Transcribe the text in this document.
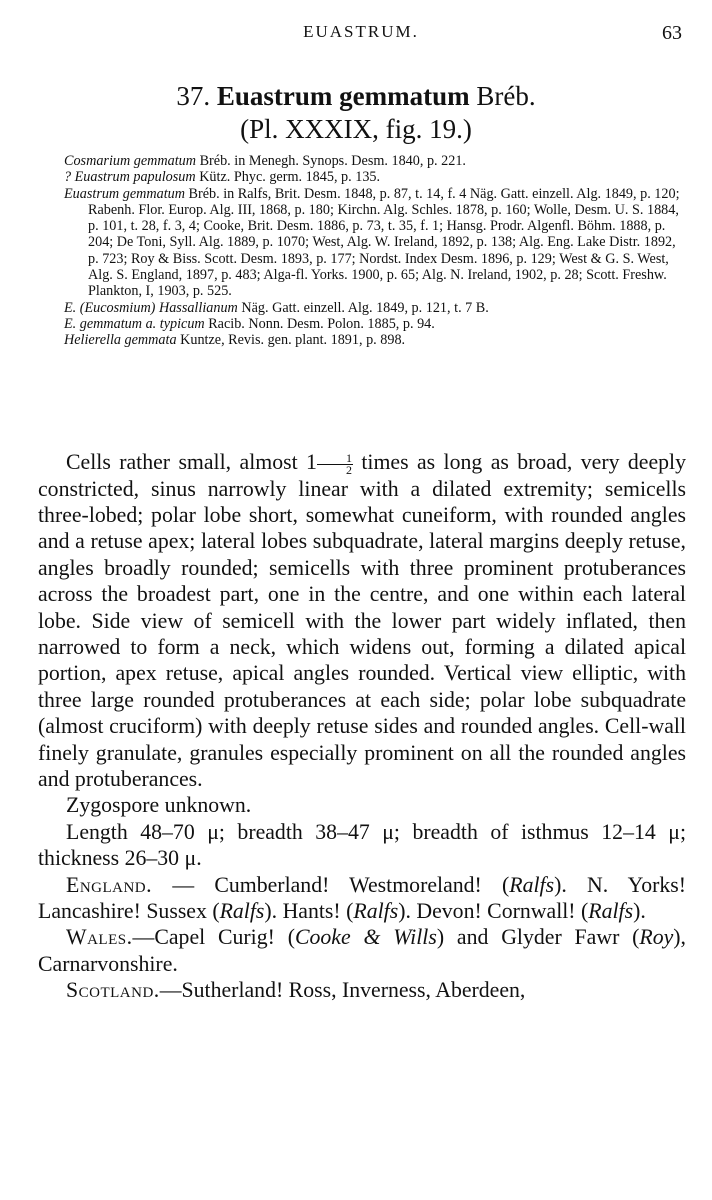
EUASTRUM.	63
37. Euastrum gemmatum Bréb.
(Pl. XXXIX, fig. 19.)
Cosmarium gemmatum Bréb. in Menegh. Synops. Desm. 1840, p. 221.
? Euastrum papulosum Kütz. Phyc. germ. 1845, p. 135.
Euastrum gemmatum Bréb. in Ralfs, Brit. Desm. 1848, p. 87, t. 14, f. 4 Näg. Gatt. einzell. Alg. 1849, p. 120; Rabenh. Flor. Europ. Alg. III, 1868, p. 180; Kirchn. Alg. Schles. 1878, p. 160; Wolle, Desm. U. S. 1884, p. 101, t. 28, f. 3, 4; Cooke, Brit. Desm. 1886, p. 73, t. 35, f. 1; Hansg. Prodr. Algenfl. Böhm. 1888, p. 204; De Toni, Syll. Alg. 1889, p. 1070; West, Alg. W. Ireland, 1892, p. 138; Alg. Eng. Lake Distr. 1892, p. 723; Roy & Biss. Scott. Desm. 1893, p. 177; Nordst. Index Desm. 1896, p. 129; West & G. S. West, Alg. S. England, 1897, p. 483; Alga-fl. Yorks. 1900, p. 65; Alg. N. Ireland, 1902, p. 28; Scott. Freshw. Plankton, I, 1903, p. 525.
E. (Eucosmium) Hassallianum Näg. Gatt. einzell. Alg. 1849, p. 121, t. 7 B.
E. gemmatum a. typicum Racib. Nonn. Desm. Polon. 1885, p. 94.
Helierella gemmata Kuntze, Revis. gen. plant. 1891, p. 898.

Cells rather small, almost $1 \frac{1}{2}$ times as long as broad, very deeply constricted, sinus narrowly linear with a dilated extremity; semicells three-lobed; polar lobe short, somewhat cuneiform, with rounded angles and a retuse apex; lateral lobes subquadrate, lateral margins deeply retuse, angles broadly rounded; semicells with three prominent protuberances across the broadest part, one in the centre, and one within each lateral lobe. Side view of semicell with the lower part widely inflated, then narrowed to form a neck, which widens out, forming a dilated apical portion, apex retuse, apical angles rounded. Vertical view elliptic, with three large rounded protuberances at each side; polar lobe subquadrate (almost cruciform) with deeply retuse sides and rounded angles. Cell-wall finely granulate, granules especially prominent on all the rounded angles and protuberances.

Zygospore unknown.

Length 48–70 μ; breadth 38–47 μ; breadth of isthmus 12–14 μ; thickness 26–30 μ.

England. — Cumberland! Westmoreland! (Ralfs). N. Yorks! Lancashire! Sussex (Ralfs). Hants! (Ralfs). Devon! Cornwall! (Ralfs).

Wales.—Capel Curig! (Cooke & Wills) and Glyder Fawr (Roy), Carnarvonshire.

Scotland.—Sutherland! Ross, Inverness, Aberdeen,
